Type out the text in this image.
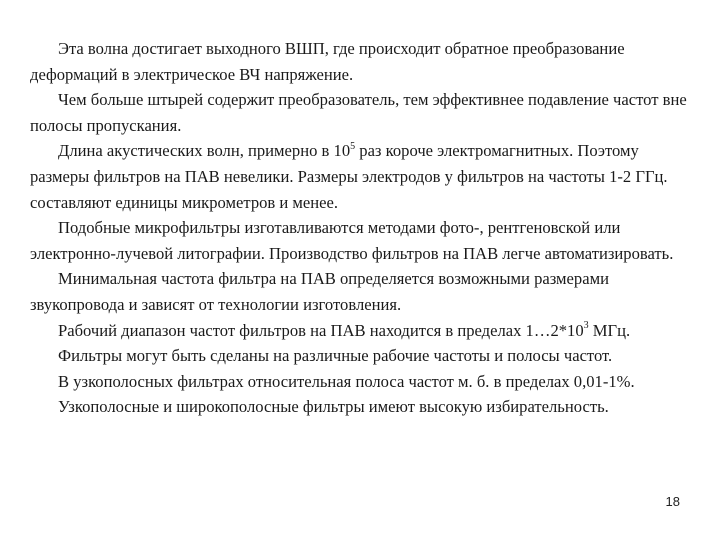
Эта волна достигает выходного ВШП, где происходит обратное преобразование деформаций в электрическое ВЧ напряжение.

Чем больше штырей содержит преобразователь, тем эффективнее подавление частот вне полосы пропускания.

Длина акустических волн, примерно в $10^5$ раз короче электромагнитных. Поэтому размеры фильтров на ПАВ невелики. Размеры электродов у фильтров на частоты 1-2 ГГц. составляют единицы микрометров и менее.

Подобные микрофильтры изготавливаются методами фото-, рентгеновской или электронно-лучевой литографии. Производство фильтров на ПАВ легче автоматизировать.

Минимальная частота фильтра на ПАВ определяется возможными размерами звукопровода и зависят от технологии изготовления.

Рабочий диапазон частот фильтров на ПАВ находится в пределах $1\dots 2*10^3$ МГц.

Фильтры могут быть сделаны на различные рабочие частоты и полосы частот.

В узкополосных фильтрах относительная полоса частот м. б. в пределах 0,01-1%.

Узкополосные и широкополосные фильтры имеют высокую избирательность.

18
